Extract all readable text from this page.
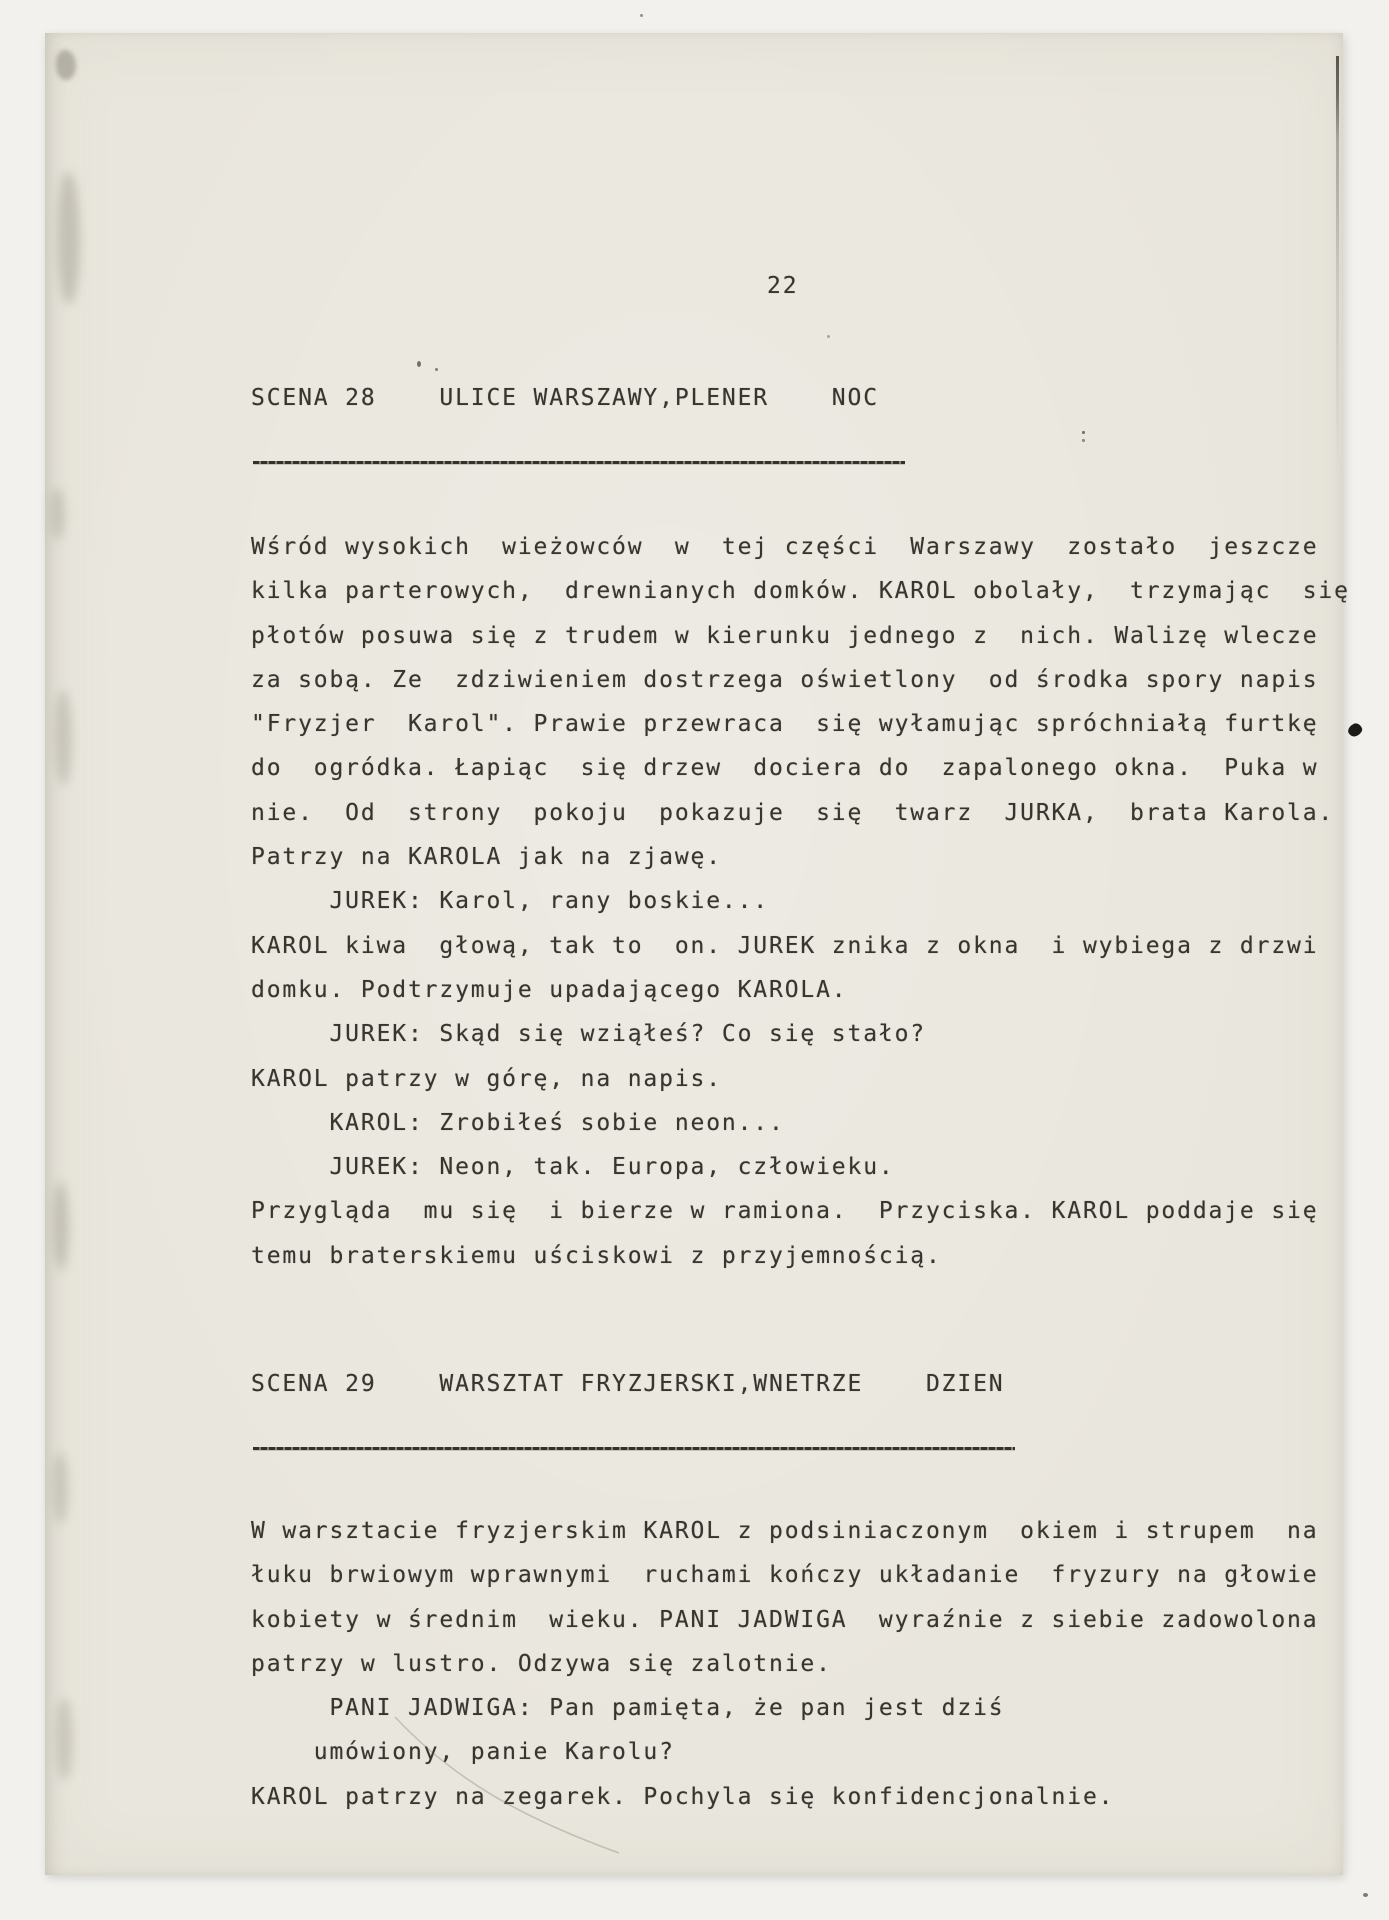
22
SCENA 28    ULICE WARSZAWY,PLENER    NOC
Wśród wysokich  wieżowców  w  tej części  Warszawy  zostało  jeszcze
kilka parterowych,  drewnianych domków. KAROL obolały,  trzymając  się
płotów posuwa się z trudem w kierunku jednego z  nich. Walizę wlecze
za sobą. Ze  zdziwieniem dostrzega oświetlony  od środka spory napis
"Fryzjer  Karol". Prawie przewraca  się wyłamując spróchniałą furtkę
do  ogródka. Łapiąc  się drzew  dociera do  zapalonego okna.  Puka w
nie.  Od  strony  pokoju  pokazuje  się  twarz  JURKA,  brata Karola.
Patrzy na KAROLA jak na zjawę.
JUREK: Karol, rany boskie...
KAROL kiwa  głową, tak to  on. JUREK znika z okna  i wybiega z drzwi
domku. Podtrzymuje upadającego KAROLA.
JUREK: Skąd się wziąłeś? Co się stało?
KAROL patrzy w górę, na napis.
KAROL: Zrobiłeś sobie neon...
JUREK: Neon, tak. Europa, człowieku.
Przygląda  mu się  i bierze w ramiona.  Przyciska. KAROL poddaje się
temu braterskiemu uściskowi z przyjemnością.
SCENA 29    WARSZTAT FRYZJERSKI,WNETRZE    DZIEN
W warsztacie fryzjerskim KAROL z podsiniaczonym  okiem i strupem  na
łuku brwiowym wprawnymi  ruchami kończy układanie  fryzury na głowie
kobiety w średnim  wieku. PANI JADWIGA  wyraźnie z siebie zadowolona
patrzy w lustro. Odzywa się zalotnie.
PANI JADWIGA: Pan pamięta, że pan jest dziś
umówiony, panie Karolu?
KAROL patrzy na zegarek. Pochyla się konfidencjonalnie.
